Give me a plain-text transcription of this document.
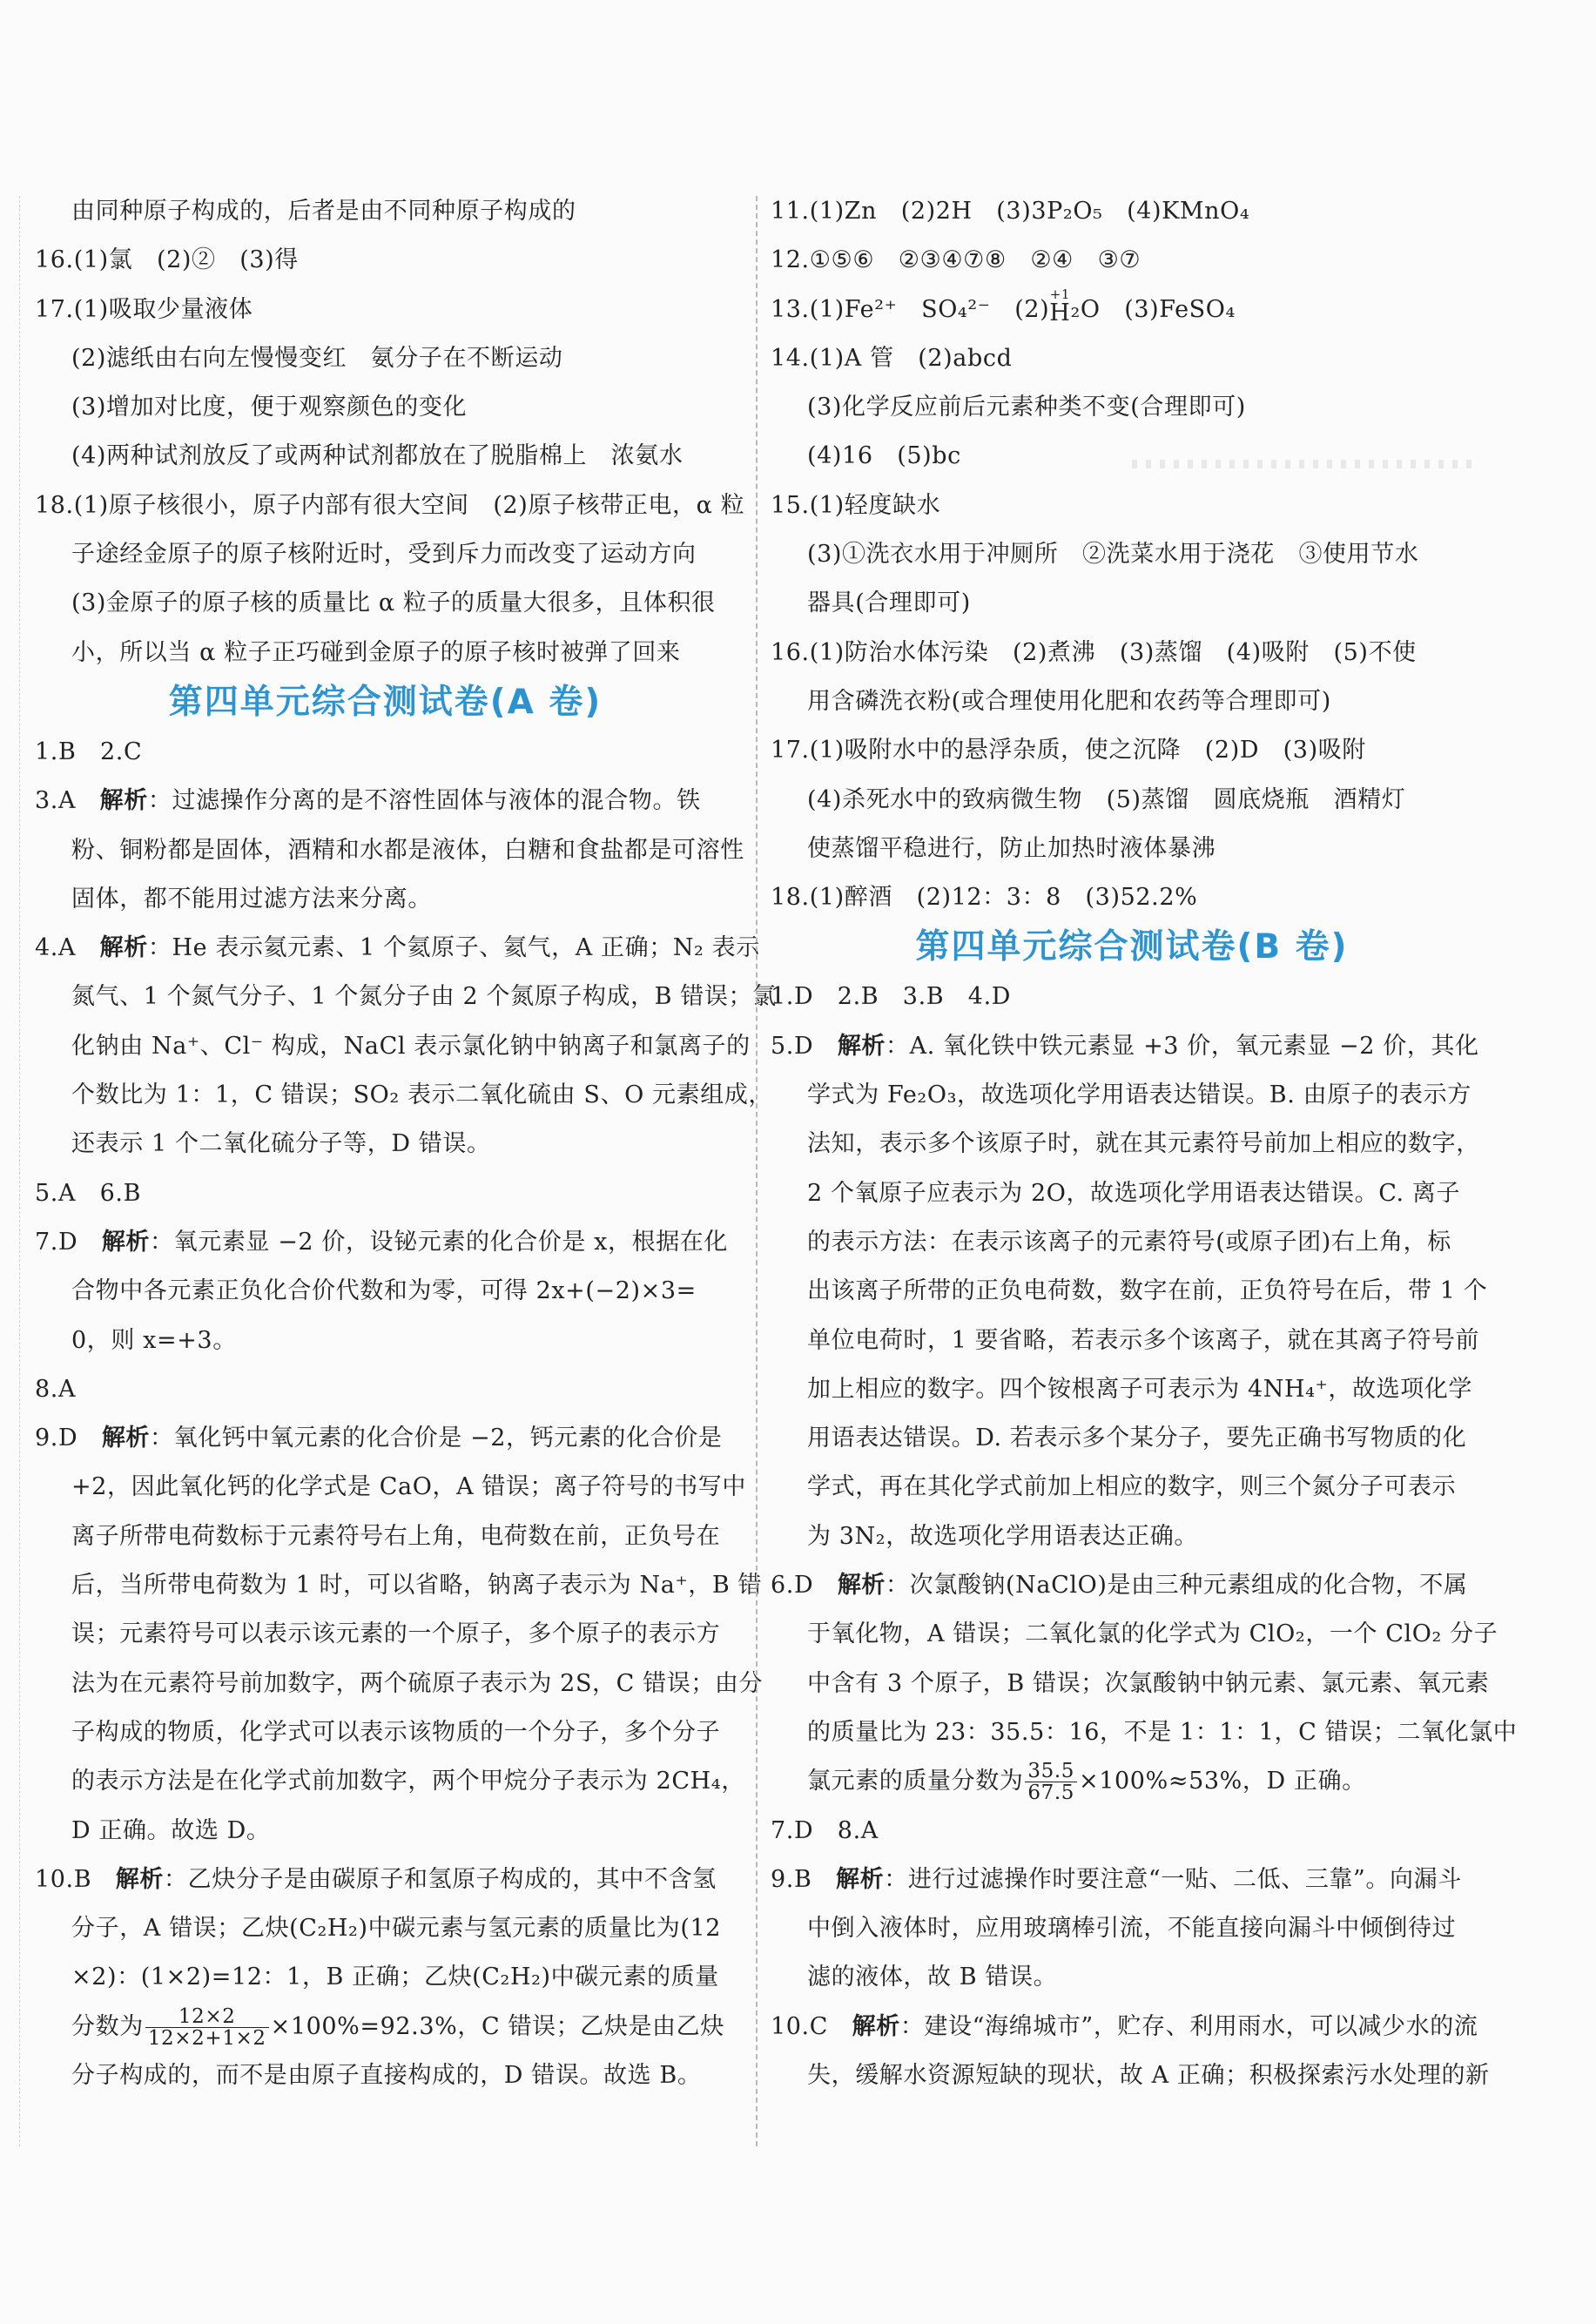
由同种原子构成的，后者是由不同种原子构成的
16.(1)氯　(2)②　(3)得
17.(1)吸取少量液体
(2)滤纸由右向左慢慢变红　氨分子在不断运动
(3)增加对比度，便于观察颜色的变化
(4)两种试剂放反了或两种试剂都放在了脱脂棉上　浓氨水
18.(1)原子核很小，原子内部有很大空间　(2)原子核带正电，α 粒
子途经金原子的原子核附近时，受到斥力而改变了运动方向
(3)金原子的原子核的质量比 α 粒子的质量大很多，且体积很
小，所以当 α 粒子正巧碰到金原子的原子核时被弹了回来
第四单元综合测试卷(A 卷)
1.B　2.C
3.A　 解析：过滤操作分离的是不溶性固体与液体的混合物。铁
粉、铜粉都是固体，酒精和水都是液体，白糖和食盐都是可溶性
固体，都不能用过滤方法来分离。
4.A　 解析：He 表示氦元素、1 个氦原子、氦气，A 正确；N₂ 表示
氮气、1 个氮气分子、1 个氮分子由 2 个氮原子构成，B 错误；氯
化钠由 Na⁺、Cl⁻ 构成，NaCl 表示氯化钠中钠离子和氯离子的
个数比为 1：1，C 错误；SO₂ 表示二氧化硫由 S、O 元素组成，
还表示 1 个二氧化硫分子等，D 错误。
5.A　6.B
7.D　 解析：氧元素显 −2 价，设铋元素的化合价是 x，根据在化
合物中各元素正负化合价代数和为零，可得 2x+(−2)×3=
0，则 x=+3。
8.A
9.D　 解析：氧化钙中氧元素的化合价是 −2，钙元素的化合价是
+2，因此氧化钙的化学式是 CaO，A 错误；离子符号的书写中
离子所带电荷数标于元素符号右上角，电荷数在前，正负号在
后，当所带电荷数为 1 时，可以省略，钠离子表示为 Na⁺，B 错
误；元素符号可以表示该元素的一个原子，多个原子的表示方
法为在元素符号前加数字，两个硫原子表示为 2S，C 错误；由分
子构成的物质，化学式可以表示该物质的一个分子，多个分子
的表示方法是在化学式前加数字，两个甲烷分子表示为 2CH₄，
D 正确。故选 D。
10.B　 解析：乙炔分子是由碳原子和氢原子构成的，其中不含氢
分子，A 错误；乙炔(C₂H₂)中碳元素与氢元素的质量比为(12
×2)：(1×2)=12：1，B 正确；乙炔(C₂H₂)中碳元素的质量
分数为 $\frac{12\times 2}{12\times 2+1\times 2} \times 100\%=92.3\%$，C 错误；乙炔是由乙炔
分子构成的，而不是由原子直接构成的，D 错误。故选 B。
11.(1)Zn　(2)2H　(3)3P₂O₅　(4)KMnO₄
12.①⑤⑥　②③④⑦⑧　②④　③⑦
13.(1)Fe²⁺　SO₄²⁻　(2)
+1
H₂O　(3)FeSO₄
14.(1)A 管　(2)abcd
(3)化学反应前后元素种类不变(合理即可)
(4)16　(5)bc
15.(1)轻度缺水
(3)①洗衣水用于冲厕所　②洗菜水用于浇花　③使用节水
器具(合理即可)
16.(1)防治水体污染　(2)煮沸　(3)蒸馏　(4)吸附　(5)不使
用含磷洗衣粉(或合理使用化肥和农药等合理即可)
17.(1)吸附水中的悬浮杂质，使之沉降　(2)D　(3)吸附
(4)杀死水中的致病微生物　(5)蒸馏　圆底烧瓶　酒精灯
使蒸馏平稳进行，防止加热时液体暴沸
18.(1)醉酒　(2)12：3：8　(3)52.2%
第四单元综合测试卷(B 卷)
1.D　2.B　3.B　4.D
5.D　 解析：A. 氧化铁中铁元素显 +3 价，氧元素显 −2 价，其化
学式为 Fe₂O₃，故选项化学用语表达错误。B. 由原子的表示方
法知，表示多个该原子时，就在其元素符号前加上相应的数字，
2 个氧原子应表示为 2O，故选项化学用语表达错误。C. 离子
的表示方法：在表示该离子的元素符号(或原子团)右上角，标
出该离子所带的正负电荷数，数字在前，正负符号在后，带 1 个
单位电荷时，1 要省略，若表示多个该离子，就在其离子符号前
加上相应的数字。四个铵根离子可表示为 4NH₄⁺，故选项化学
用语表达错误。D. 若表示多个某分子，要先正确书写物质的化
学式，再在其化学式前加上相应的数字，则三个氮分子可表示
为 3N₂，故选项化学用语表达正确。
6.D　 解析：次氯酸钠(NaClO)是由三种元素组成的化合物，不属
于氧化物，A 错误；二氧化氯的化学式为 ClO₂，一个 ClO₂ 分子
中含有 3 个原子，B 错误；次氯酸钠中钠元素、氯元素、氧元素
的质量比为 23：35.5：16，不是 1：1：1，C 错误；二氧化氯中
氯元素的质量分数为 $\frac{35.5}{67.5} \times 100\%\approx 53\%$，D 正确。
7.D　8.A
9.B　 解析：进行过滤操作时要注意“一贴、二低、三靠”。向漏斗
中倒入液体时，应用玻璃棒引流，不能直接向漏斗中倾倒待过
滤的液体，故 B 错误。
10.C　 解析：建设“海绵城市”，贮存、利用雨水，可以减少水的流
失，缓解水资源短缺的现状，故 A 正确；积极探索污水处理的新
